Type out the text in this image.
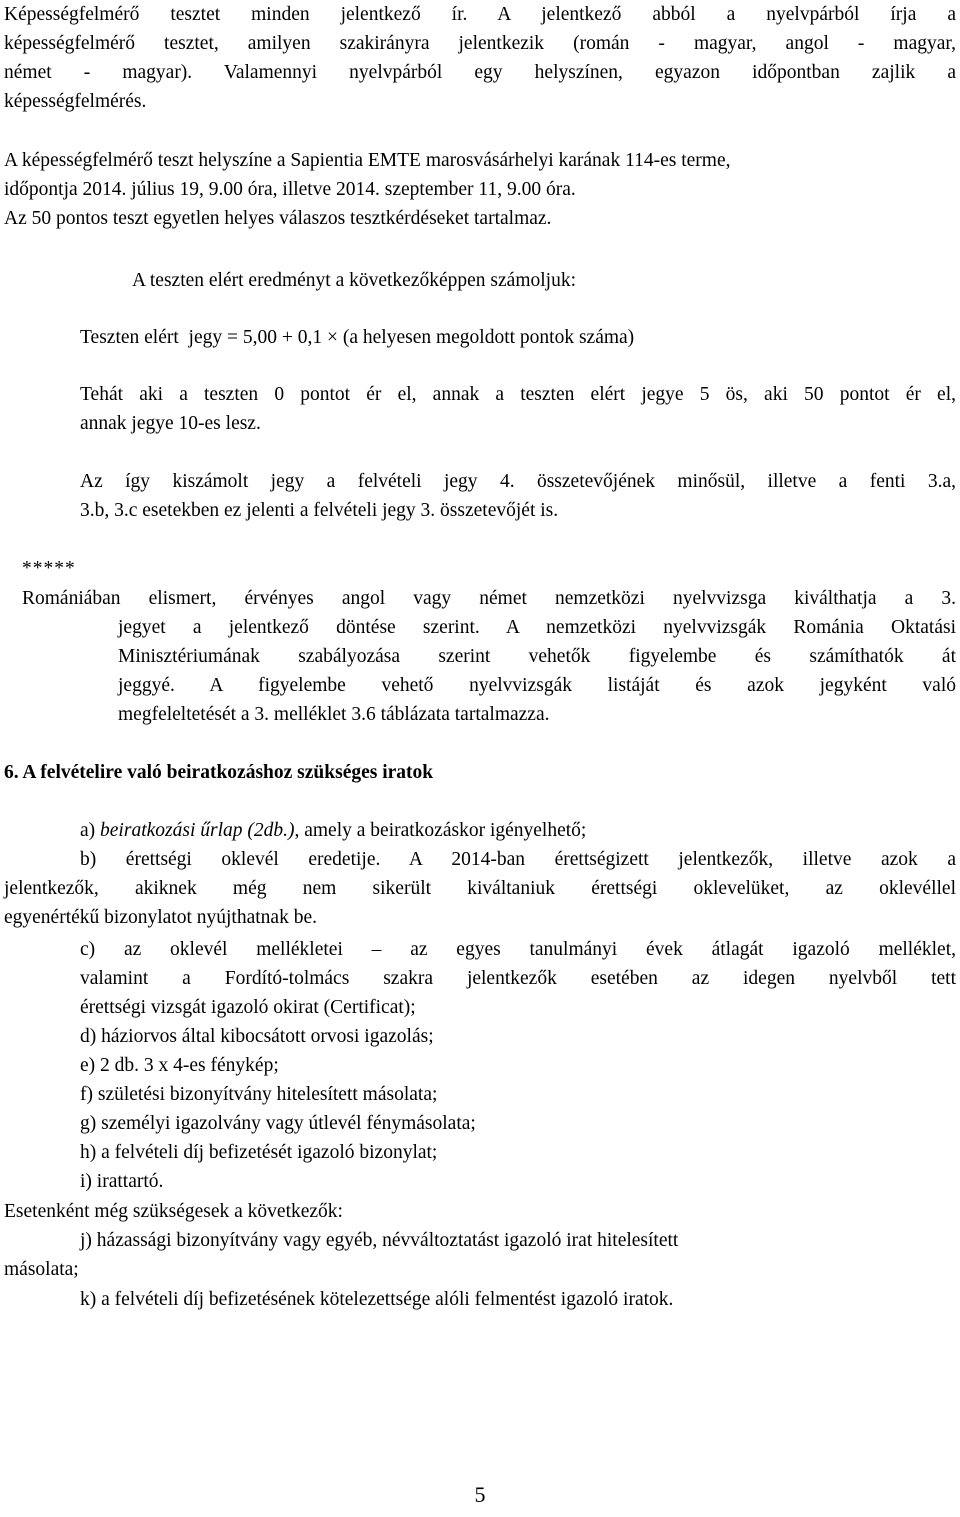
Képességfelmérő tesztet minden jelentkező ír. A jelentkező abból a nyelvpárból írja a

képességfelmérő tesztet, amilyen szakirányra jelentkezik (román - magyar, angol - magyar,

német - magyar). Valamennyi nyelvpárból egy helyszínen, egyazon időpontban zajlik a

képességfelmérés.

A képességfelmérő teszt helyszíne a Sapientia EMTE marosvásárhelyi karának 114-es terme,

időpontja 2014. július 19, 9.00 óra, illetve 2014. szeptember 11, 9.00 óra.

Az 50 pontos teszt egyetlen helyes válaszos tesztkérdéseket tartalmaz.

A teszten elért eredményt a következőképpen számoljuk:

Teszten elért  jegy = 5,00 + 0,1 × (a helyesen megoldott pontok száma)

Tehát aki a teszten 0 pontot ér el, annak a teszten elért jegye 5 ös, aki 50 pontot ér el,

annak jegye 10-es lesz.

Az így kiszámolt jegy a felvételi jegy 4. összetevőjének minősül, illetve a fenti 3.a,

3.b, 3.c esetekben ez jelenti a felvételi jegy 3. összetevőjét is.

*****

Romániában elismert, érvényes angol vagy német nemzetközi nyelvvizsga kiválthatja a 3.

jegyet a jelentkező döntése szerint. A nemzetközi nyelvvizsgák Románia Oktatási

Minisztériumának szabályozása szerint vehetők figyelembe és számíthatók át

jeggyé. A figyelembe vehető nyelvvizsgák listáját és azok jegyként való

megfeleltetését a 3. melléklet 3.6 táblázata tartalmazza.

6. A felvételire való beiratkozáshoz szükséges iratok

a) beiratkozási űrlap (2db.), amely a beiratkozáskor igényelhető;

b) érettségi oklevél eredetije. A 2014-ban érettségizett jelentkezők, illetve azok a

jelentkezők, akiknek még nem sikerült kiváltaniuk érettségi oklevelüket, az oklevéllel

egyenértékű bizonylatot nyújthatnak be.

c) az oklevél mellékletei – az egyes tanulmányi évek átlagát igazoló melléklet,

valamint a Fordító-tolmács szakra jelentkezők esetében az idegen nyelvből tett

érettségi vizsgát igazoló okirat (Certificat);

d) háziorvos által kibocsátott orvosi igazolás;

e) 2 db. 3 x 4-es fénykép;

f) születési bizonyítvány hitelesített másolata;

g) személyi igazolvány vagy útlevél fénymásolata;

h) a felvételi díj befizetését igazoló bizonylat;

i) irattartó.

Esetenként még szükségesek a következők:

j) házassági bizonyítvány vagy egyéb, névváltoztatást igazoló irat hitelesített

másolata;

k) a felvételi díj befizetésének kötelezettsége alóli felmentést igazoló iratok.

5
